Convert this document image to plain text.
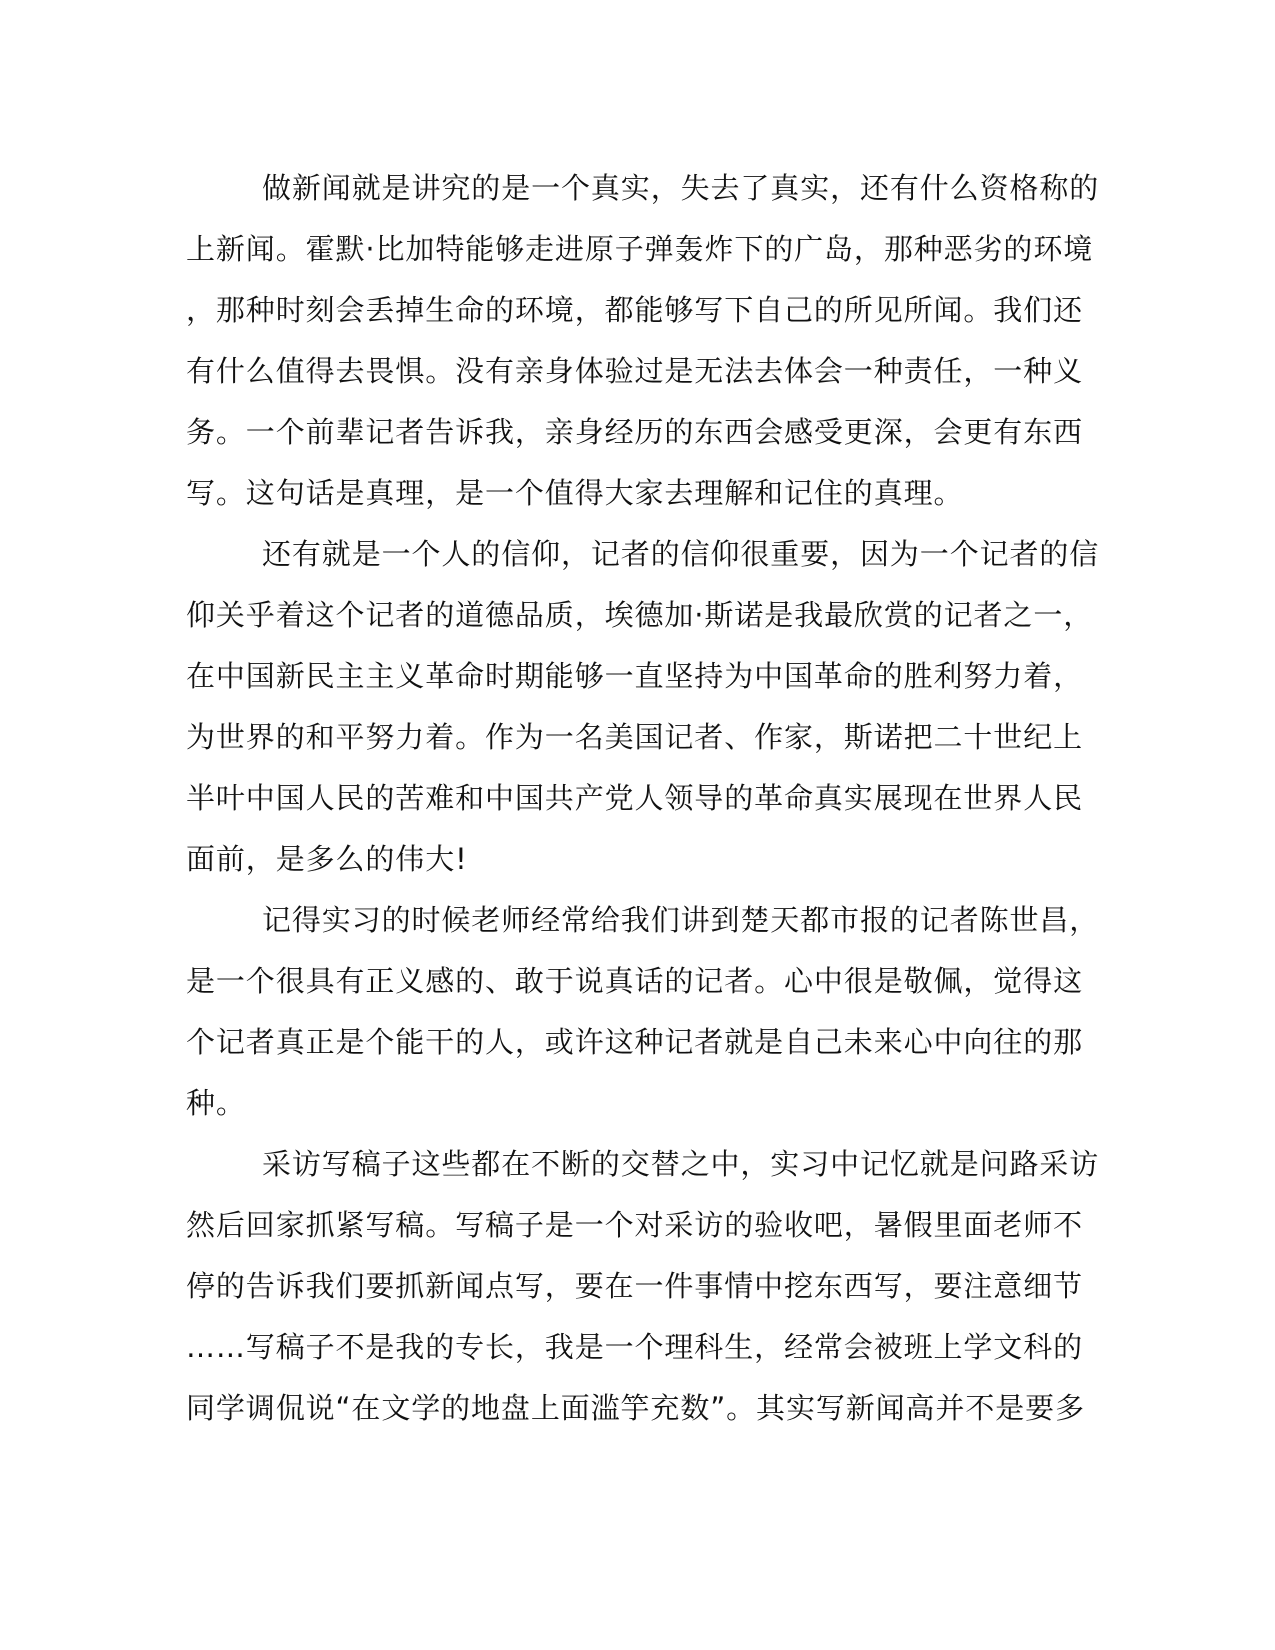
做新闻就是讲究的是一个真实，失去了真实，还有什么资格称的
上新闻。霍默·比加特能够走进原子弹轰炸下的广岛，那种恶劣的环境
，那种时刻会丢掉生命的环境，都能够写下自己的所见所闻。我们还
有什么值得去畏惧。没有亲身体验过是无法去体会一种责任，一种义
务。一个前辈记者告诉我，亲身经历的东西会感受更深，会更有东西
写。这句话是真理，是一个值得大家去理解和记住的真理。
还有就是一个人的信仰，记者的信仰很重要，因为一个记者的信
仰关乎着这个记者的道德品质，埃德加·斯诺是我最欣赏的记者之一，
在中国新民主主义革命时期能够一直坚持为中国革命的胜利努力着，
为世界的和平努力着。作为一名美国记者、作家，斯诺把二十世纪上
半叶中国人民的苦难和中国共产党人领导的革命真实展现在世界人民
面前，是多么的伟大!
记得实习的时候老师经常给我们讲到楚天都市报的记者陈世昌，
是一个很具有正义感的、敢于说真话的记者。心中很是敬佩，觉得这
个记者真正是个能干的人，或许这种记者就是自己未来心中向往的那
种。
采访写稿子这些都在不断的交替之中，实习中记忆就是问路采访
然后回家抓紧写稿。写稿子是一个对采访的验收吧，暑假里面老师不
停的告诉我们要抓新闻点写，要在一件事情中挖东西写，要注意细节
……写稿子不是我的专长，我是一个理科生，经常会被班上学文科的
同学调侃说“在文学的地盘上面滥竽充数”。其实写新闻高并不是要多
